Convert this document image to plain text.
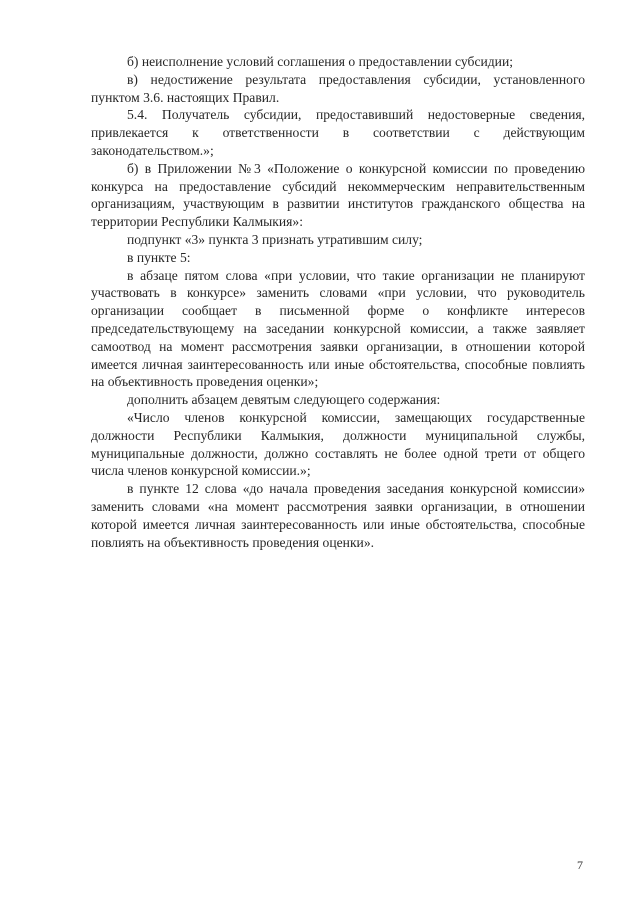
б) неисполнение условий соглашения о предоставлении субсидии;

в) недостижение результата предоставления субсидии, установленного пунктом 3.6. настоящих Правил.

5.4. Получатель субсидии, предоставивший недостоверные сведения, привлекается к ответственности в соответствии с действующим законодательством.»;

б) в Приложении №3 «Положение о конкурсной комиссии по проведению конкурса на предоставление субсидий некоммерческим неправительственным организациям, участвующим в развитии институтов гражданского общества на территории Республики Калмыкия»:

подпункт «3» пункта 3 признать утратившим силу;

в пункте 5:

в абзаце пятом слова «при условии, что такие организации не планируют участвовать в конкурсе» заменить словами «при условии, что руководитель организации сообщает в письменной форме о конфликте интересов председательствующему на заседании конкурсной комиссии, а также заявляет самоотвод на момент рассмотрения заявки организации, в отношении которой имеется личная заинтересованность или иные обстоятельства, способные повлиять на объективность проведения оценки»;

дополнить абзацем девятым следующего содержания:

«Число членов конкурсной комиссии, замещающих государственные должности Республики Калмыкия, должности муниципальной службы, муниципальные должности, должно составлять не более одной трети от общего числа членов конкурсной комиссии.»;

в пункте 12 слова «до начала проведения заседания конкурсной комиссии» заменить словами «на момент рассмотрения заявки организации, в отношении которой имеется личная заинтересованность или иные обстоятельства, способные повлиять на объективность проведения оценки».

7
